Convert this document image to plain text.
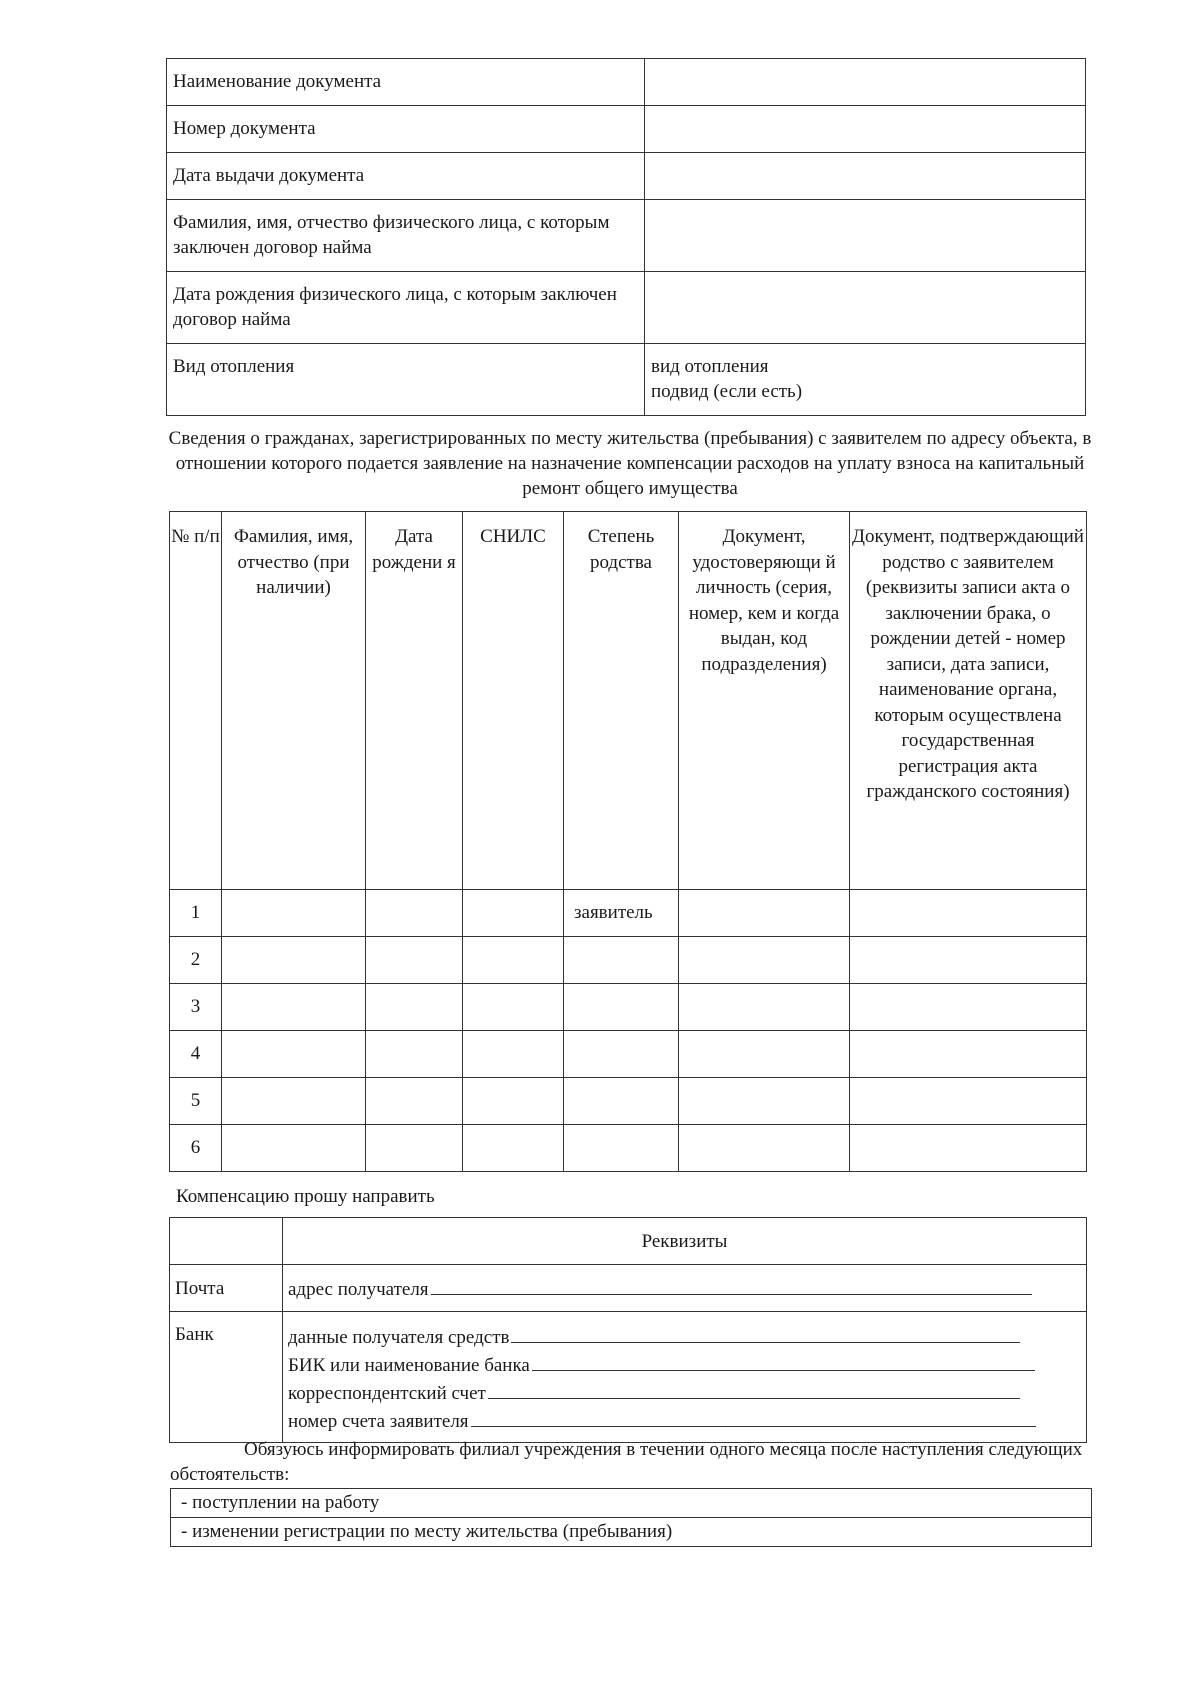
Наименование документа	
Номер документа	
Дата выдачи документа	
Фамилия, имя, отчество физического лица, с которым заключен договор найма	
Дата рождения физического лица, с которым заключен договор найма	
Вид отопления	вид отопления
подвид (если есть)
Сведения о гражданах, зарегистрированных по месту жительства (пребывания) с заявителем по адресу объекта, в отношении которого подается заявление на назначение компенсации расходов на уплату взноса на капитальный ремонт общего имущества
№ п/п	Фамилия, имя, отчество (при наличии)	Дата рождени я	СНИЛС	Степень родства	Документ, удостоверяющи й личность (серия, номер, кем и когда выдан, код подразделения)	Документ, подтверждающий родство с заявителем (реквизиты записи акта о заключении брака, о рождении детей - номер записи, дата записи, наименование органа, которым осуществлена государственная регистрация акта гражданского состояния)
1				заявитель		
2						
3						
4						
5						
6						
Компенсацию прошу направить
	Реквизиты
Почта	адрес получателя

Банк	данные получателя средств
БИК или наименование банка
корреспондентский счет
номер счета заявителя

Обязуюсь информировать филиал учреждения в течении одного месяца после наступления следующих обстоятельств:

- поступлении на работу
- изменении регистрации по месту жительства (пребывания)
